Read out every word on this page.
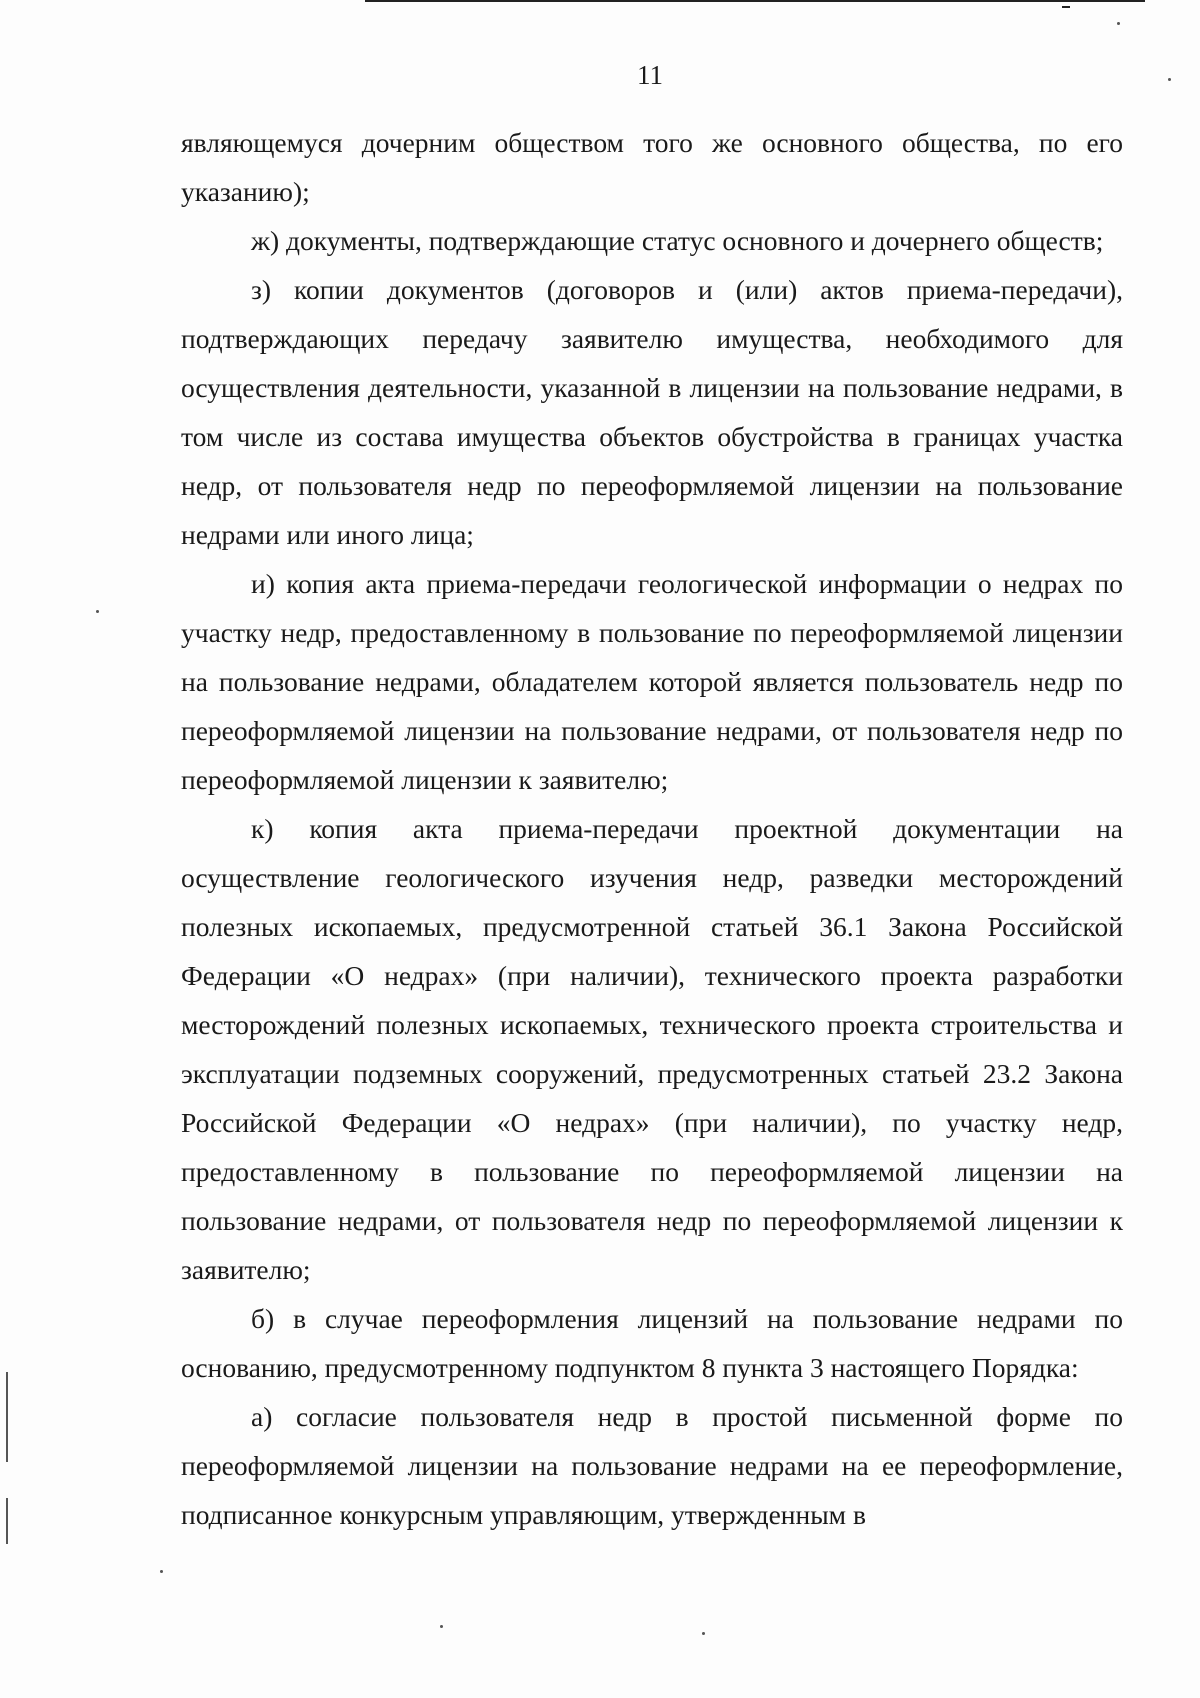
11

являющемуся дочерним обществом того же основного общества, по его указанию);

ж) документы, подтверждающие статус основного и дочернего обществ;

з) копии документов (договоров и (или) актов приема-передачи), подтверждающих передачу заявителю имущества, необходимого для осуществления деятельности, указанной в лицензии на пользование недрами, в том числе из состава имущества объектов обустройства в границах участка недр, от пользователя недр по переоформляемой лицензии на пользование недрами или иного лица;

и) копия акта приема-передачи геологической информации о недрах по участку недр, предоставленному в пользование по переоформляемой лицензии на пользование недрами, обладателем которой является пользователь недр по переоформляемой лицензии на пользование недрами, от пользователя недр по переоформляемой лицензии к заявителю;

к) копия акта приема-передачи проектной документации на осуществление геологического изучения недр, разведки месторождений полезных ископаемых, предусмотренной статьей 36.1 Закона Российской Федерации «О недрах» (при наличии), технического проекта разработки месторождений полезных ископаемых, технического проекта строительства и эксплуатации подземных сооружений, предусмотренных статьей 23.2 Закона Российской Федерации «О недрах» (при наличии), по участку недр, предоставленному в пользование по переоформляемой лицензии на пользование недрами, от пользователя недр по переоформляемой лицензии к заявителю;

б) в случае переоформления лицензий на пользование недрами по основанию, предусмотренному подпунктом 8 пункта 3 настоящего Порядка:

а) согласие пользователя недр в простой письменной форме по переоформляемой лицензии на пользование недрами на ее переоформление, подписанное конкурсным управляющим, утвержденным в
